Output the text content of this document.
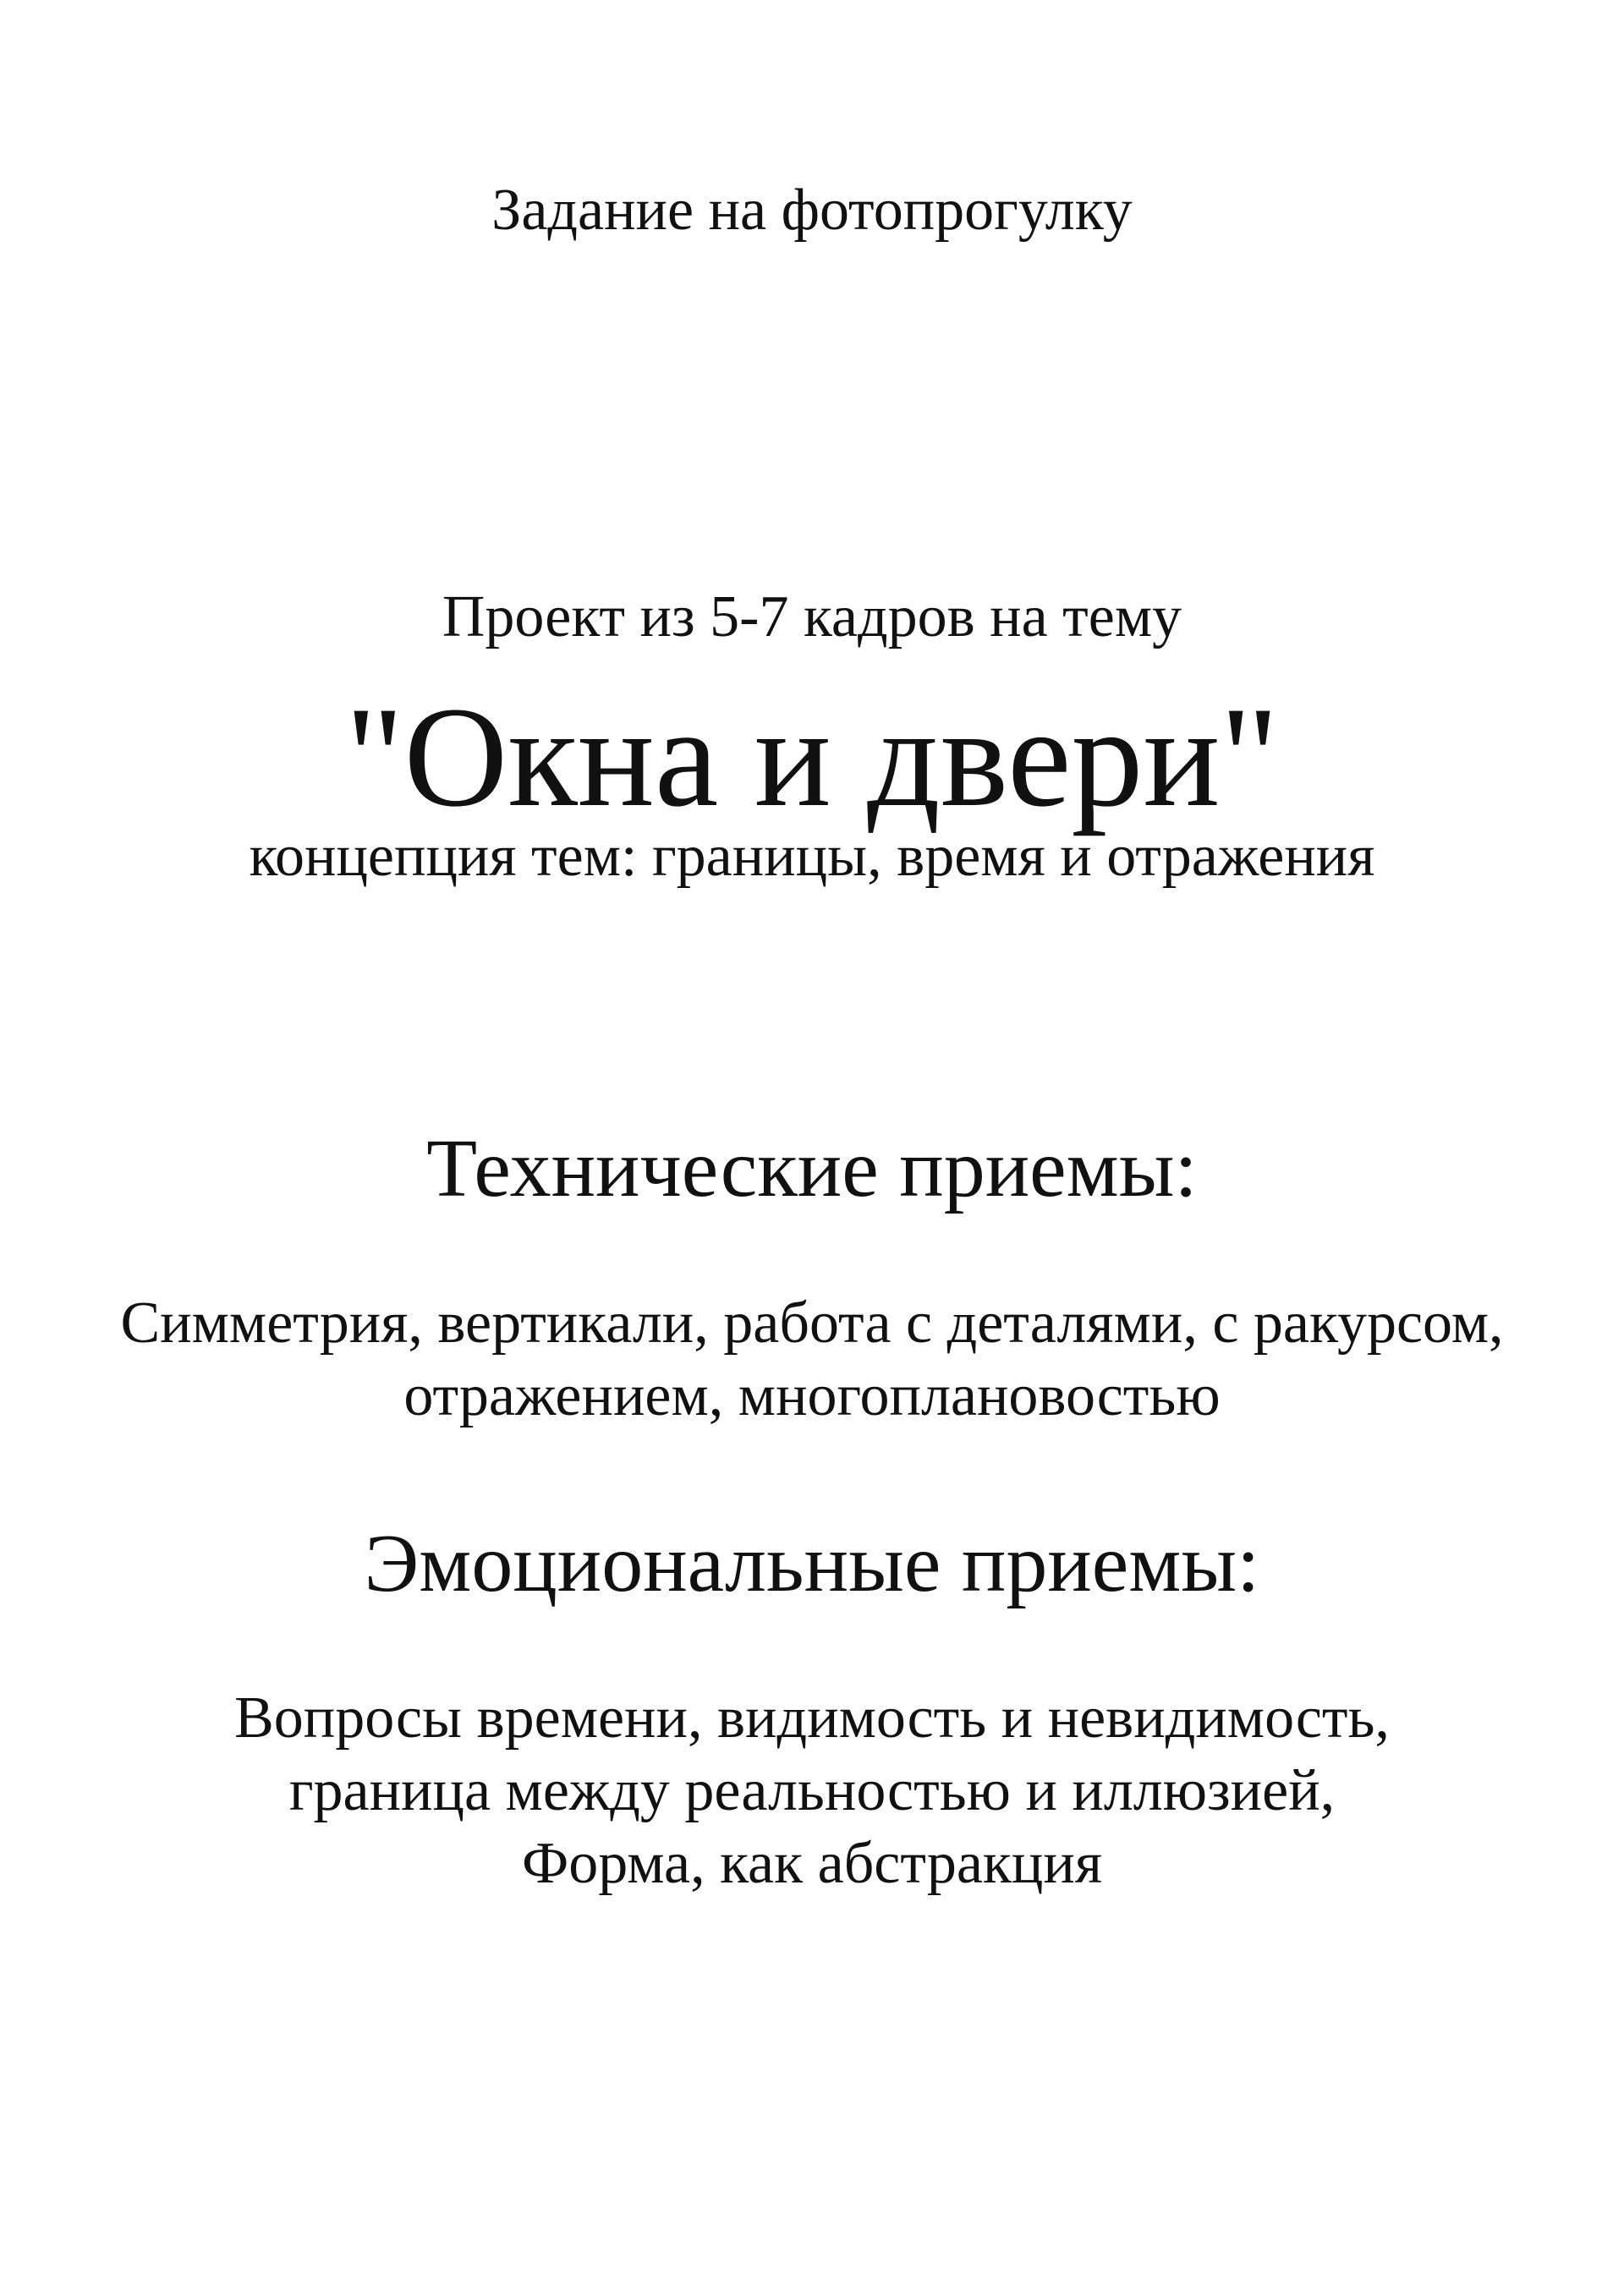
Задание на фотопрогулку
Проект из 5-7 кадров на тему
"Окна и двери"
концепция тем: границы, время и отражения
Технические приемы:
Симметрия, вертикали, работа с деталями, с ракурсом,
отражением, многоплановостью
Эмоциональные приемы:
Вопросы времени, видимость и невидимость,
граница между реальностью и иллюзией,
Форма, как абстракция
